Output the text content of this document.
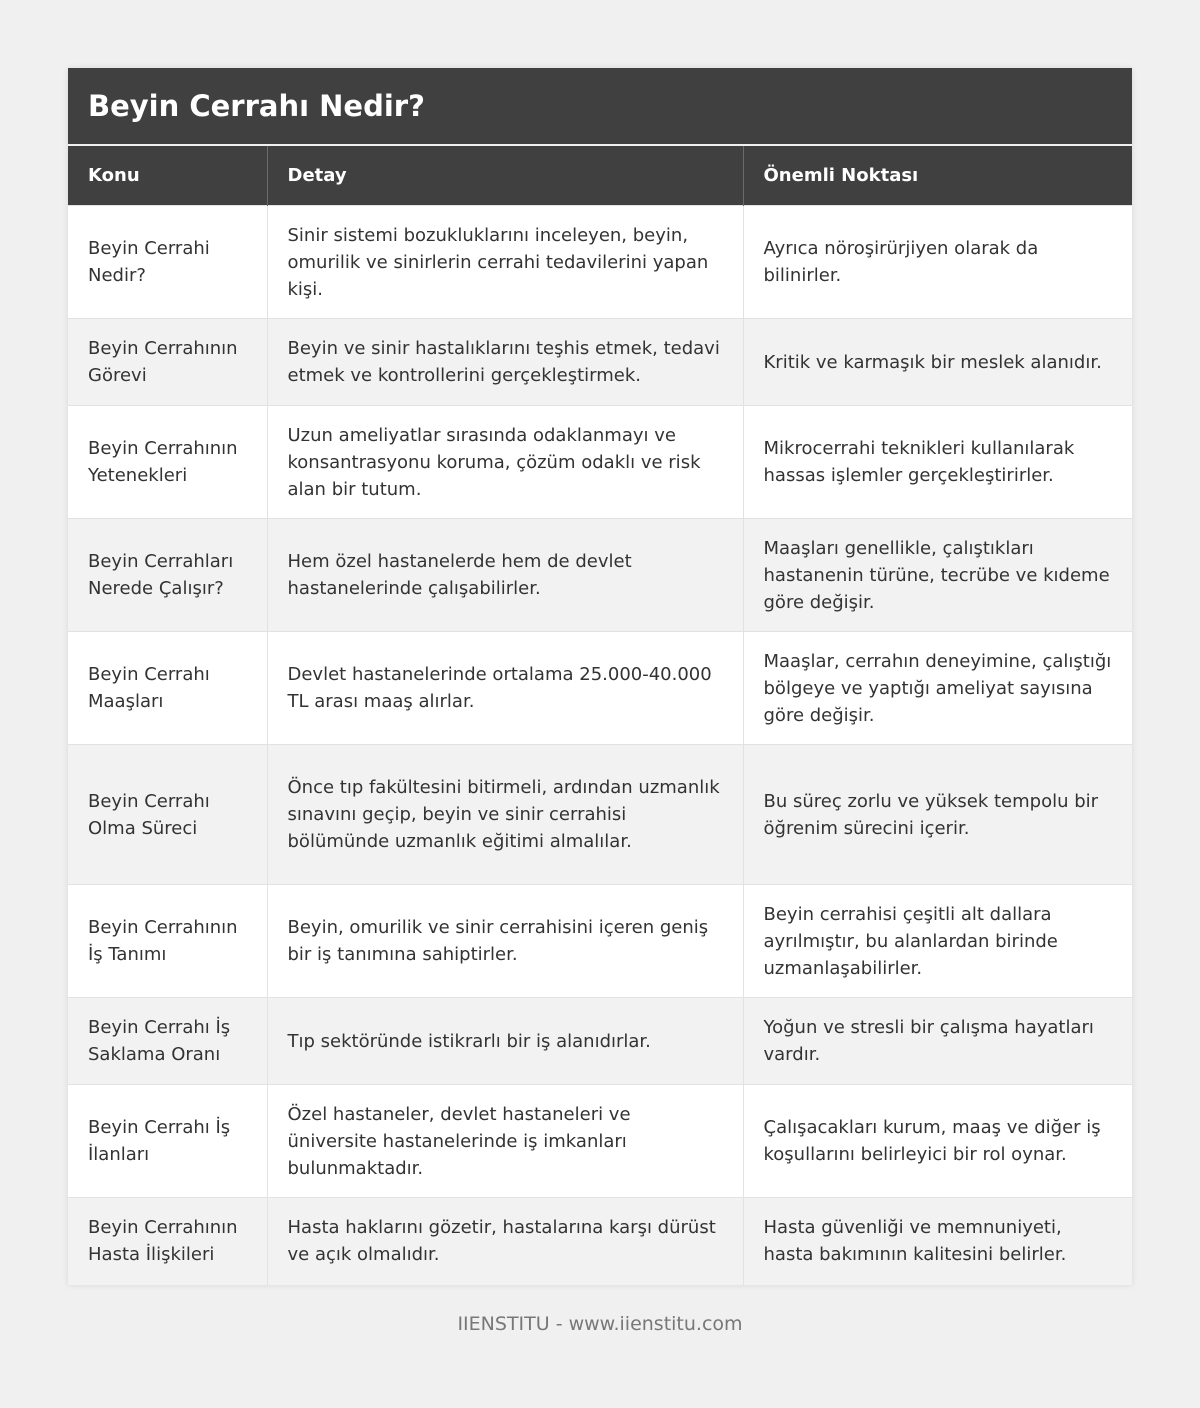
Beyin Cerrahı Nedir?
Konu	Detay	Önemli Noktası
Beyin Cerrahi Nedir?	Sinir sistemi bozukluklarını inceleyen, beyin, omurilik ve sinirlerin cerrahi tedavilerini yapan kişi.	Ayrıca nöroşirürjiyen olarak da bilinirler.
Beyin Cerrahının Görevi	Beyin ve sinir hastalıklarını teşhis etmek, tedavi etmek ve kontrollerini gerçekleştirmek.	Kritik ve karmaşık bir meslek alanıdır.
Beyin Cerrahının Yetenekleri	Uzun ameliyatlar sırasında odaklanmayı ve konsantrasyonu koruma, çözüm odaklı ve risk alan bir tutum.	Mikrocerrahi teknikleri kullanılarak hassas işlemler gerçekleştirirler.
Beyin Cerrahları Nerede Çalışır?	Hem özel hastanelerde hem de devlet hastanelerinde çalışabilirler.	Maaşları genellikle, çalıştıkları hastanenin türüne, tecrübe ve kıdeme göre değişir.
Beyin Cerrahı Maaşları	Devlet hastanelerinde ortalama 25.000-40.000 TL arası maaş alırlar.	Maaşlar, cerrahın deneyimine, çalıştığı bölgeye ve yaptığı ameliyat sayısına göre değişir.
Beyin Cerrahı Olma Süreci	Önce tıp fakültesini bitirmeli, ardından uzmanlık sınavını geçip, beyin ve sinir cerrahisi bölümünde uzmanlık eğitimi almalılar.	Bu süreç zorlu ve yüksek tempolu bir öğrenim sürecini içerir.
Beyin Cerrahının İş Tanımı	Beyin, omurilik ve sinir cerrahisini içeren geniş bir iş tanımına sahiptirler.	Beyin cerrahisi çeşitli alt dallara ayrılmıştır, bu alanlardan birinde uzmanlaşabilirler.
Beyin Cerrahı İş Saklama Oranı	Tıp sektöründe istikrarlı bir iş alanıdırlar.	Yoğun ve stresli bir çalışma hayatları vardır.
Beyin Cerrahı İş İlanları	Özel hastaneler, devlet hastaneleri ve üniversite hastanelerinde iş imkanları bulunmaktadır.	Çalışacakları kurum, maaş ve diğer iş koşullarını belirleyici bir rol oynar.
Beyin Cerrahının Hasta İlişkileri	Hasta haklarını gözetir, hastalarına karşı dürüst ve açık olmalıdır.	Hasta güvenliği ve memnuniyeti, hasta bakımının kalitesini belirler.
IIENSTITU - www.iienstitu.com
